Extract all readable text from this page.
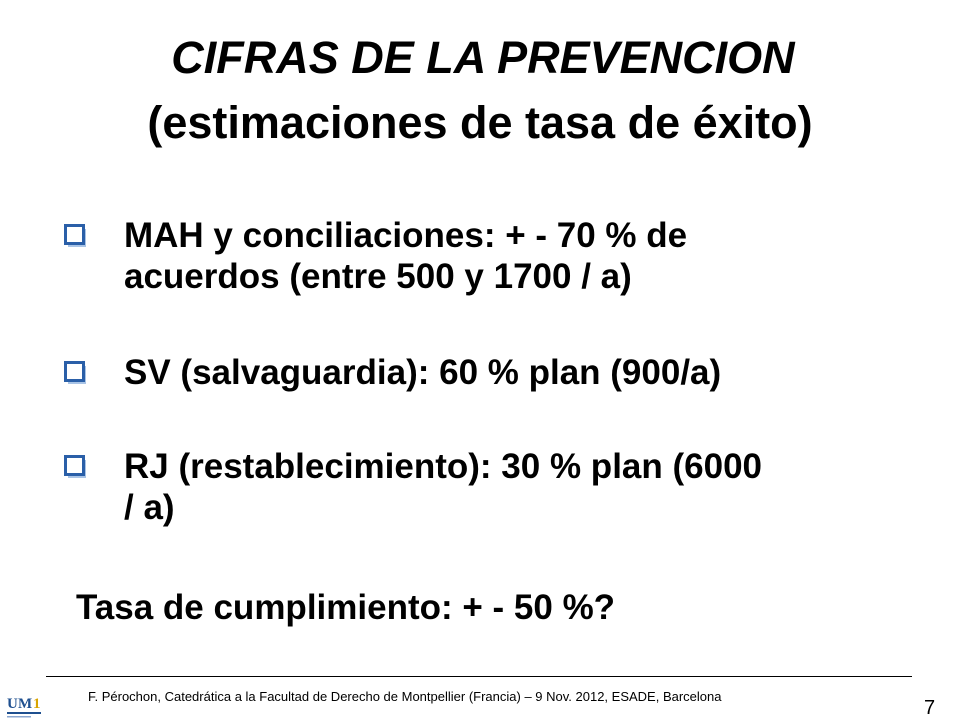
CIFRAS DE LA PREVENCION
(estimaciones de tasa de éxito)
MAH y conciliaciones: + - 70 % de
acuerdos (entre 500 y 1700 / a)
SV (salvaguardia): 60 % plan (900/a)
RJ (restablecimiento): 30 % plan (6000
/ a)
Tasa de cumplimiento: + - 50 %?
U M 1	F. Pérochon, Catedrática a la Facultad de Derecho de Montpellier (Francia) – 9 Nov. 2012, ESADE, Barcelona
7
